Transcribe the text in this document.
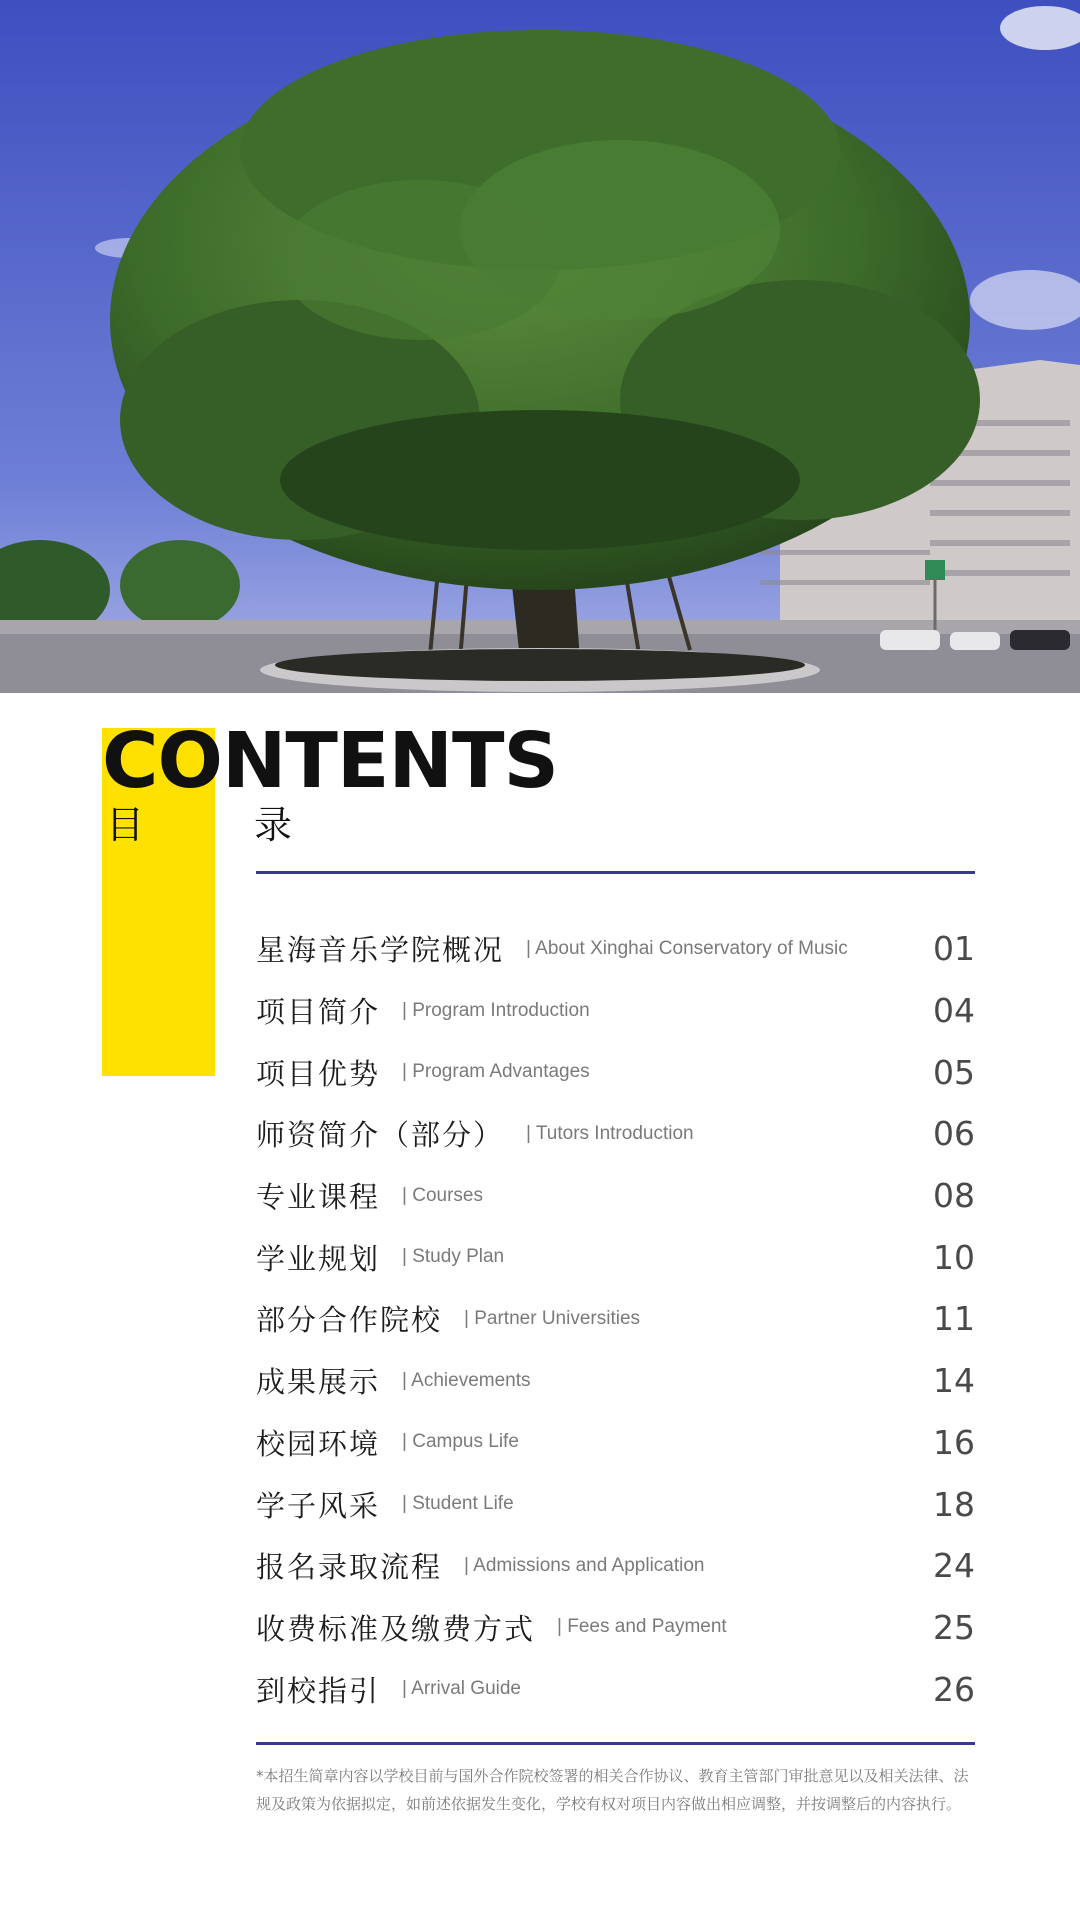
CONTENTS
目	录
星海音乐学院概况 | About Xinghai Conservatory of Music	01
项目简介 | Program Introduction	04
项目优势 | Program Advantages	05
师资简介（部分） | Tutors Introduction	06
专业课程 | Courses	08
学业规划 | Study Plan	10
部分合作院校 | Partner Universities	11
成果展示 | Achievements	14
校园环境 | Campus Life	16
学子风采 | Student Life	18
报名录取流程 | Admissions and Application	24
收费标准及缴费方式 | Fees and Payment	25
到校指引 | Arrival Guide	26

*本招生简章内容以学校目前与国外合作院校签署的相关合作协议、教育主管部门审批意见以及相关法律、法规及政策为依据拟定，如前述依据发生变化，学校有权对项目内容做出相应调整，并按调整后的内容执行。
